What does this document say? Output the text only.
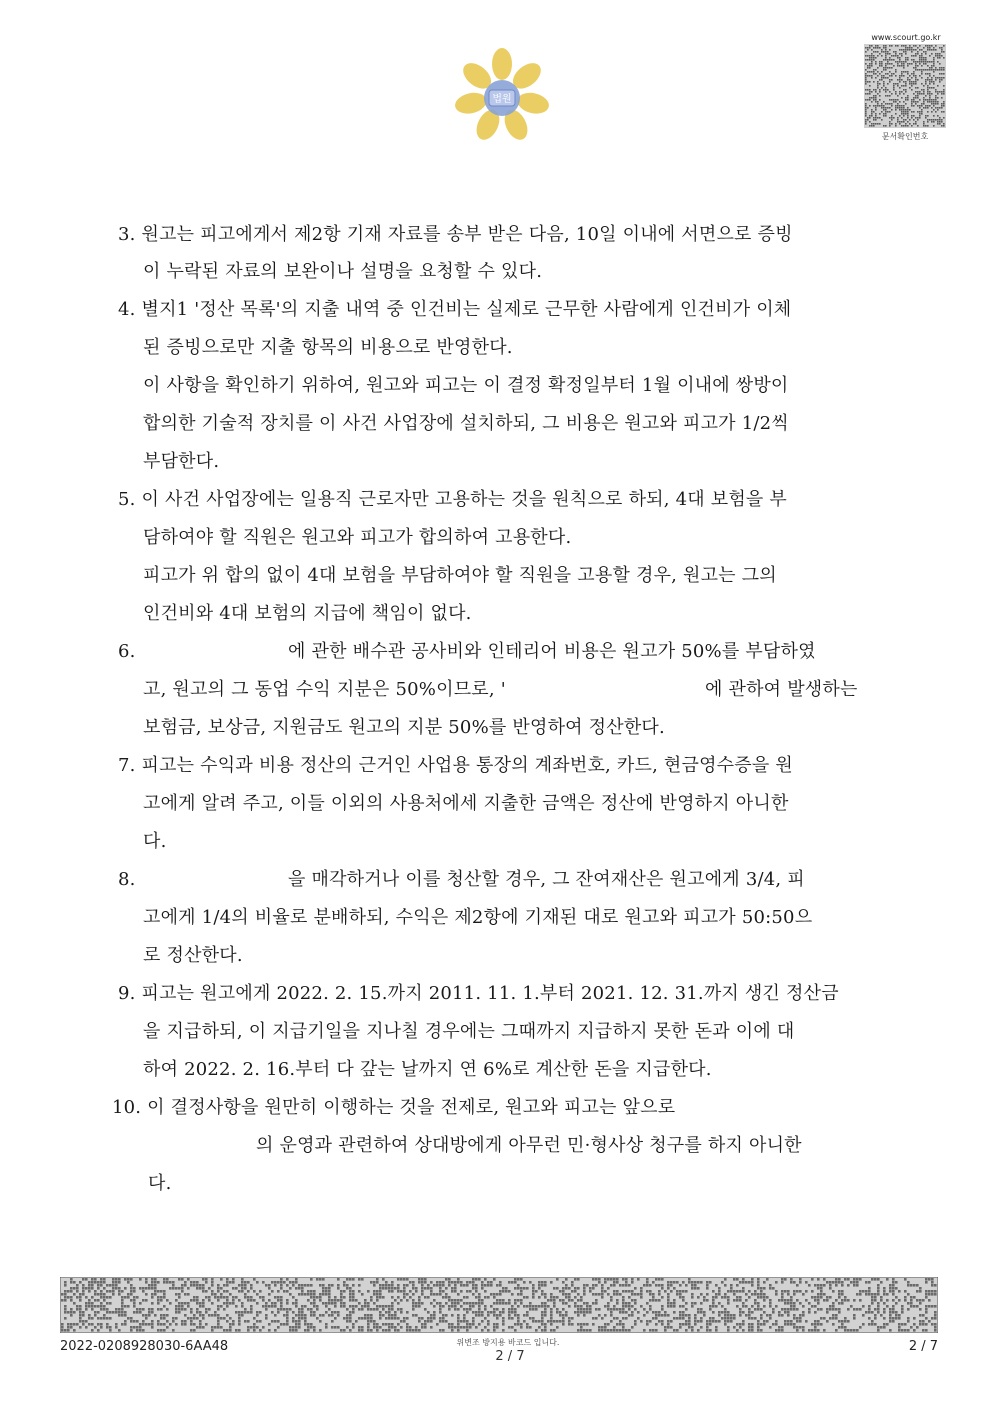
법원
www.scourt.go.kr
문서확인번호
3. 원고는 피고에게서 제2항 기재 자료를 송부 받은 다음, 10일 이내에 서면으로 증빙
이 누락된 자료의 보완이나 설명을 요청할 수 있다.
4. 별지1 '정산 목록'의 지출 내역 중 인건비는 실제로 근무한 사람에게 인건비가 이체
된 증빙으로만 지출 항목의 비용으로 반영한다.
이 사항을 확인하기 위하여, 원고와 피고는 이 결정 확정일부터 1월 이내에 쌍방이
합의한 기술적 장치를 이 사건 사업장에 설치하되, 그 비용은 원고와 피고가 1/2씩
부담한다.
5. 이 사건 사업장에는 일용직 근로자만 고용하는 것을 원칙으로 하되, 4대 보험을 부
담하여야 할 직원은 원고와 피고가 합의하여 고용한다.
피고가 위 합의 없이 4대 보험을 부담하여야 할 직원을 고용할 경우, 원고는 그의
인건비와 4대 보험의 지급에 책임이 없다.
6.	에 관한 배수관 공사비와 인테리어 비용은 원고가 50%를 부담하였
고, 원고의 그 동업 수익 지분은 50%이므로, '	에 관하여 발생하는
보험금, 보상금, 지원금도 원고의 지분 50%를 반영하여 정산한다.
7. 피고는 수익과 비용 정산의 근거인 사업용 통장의 계좌번호, 카드, 현금영수증을 원
고에게 알려 주고, 이들 이외의 사용처에세 지출한 금액은 정산에 반영하지 아니한
다.
8.	을 매각하거나 이를 청산할 경우, 그 잔여재산은 원고에게 3/4, 피
고에게 1/4의 비율로 분배하되, 수익은 제2항에 기재된 대로 원고와 피고가 50:50으
로 정산한다.
9. 피고는 원고에게 2022. 2. 15.까지 2011. 11. 1.부터 2021. 12. 31.까지 생긴 정산금
을 지급하되, 이 지급기일을 지나칠 경우에는 그때까지 지급하지 못한 돈과 이에 대
하여 2022. 2. 16.부터 다 갚는 날까지 연 6%로 계산한 돈을 지급한다.
10. 이 결정사항을 원만히 이행하는 것을 전제로, 원고와 피고는 앞으로
의 운영과 관련하여 상대방에게 아무런 민·형사상 청구를 하지 아니한
다.
2022-0208928030-6AA48	위변조 방지용 바코드 입니다.
2 / 7
2 / 7
